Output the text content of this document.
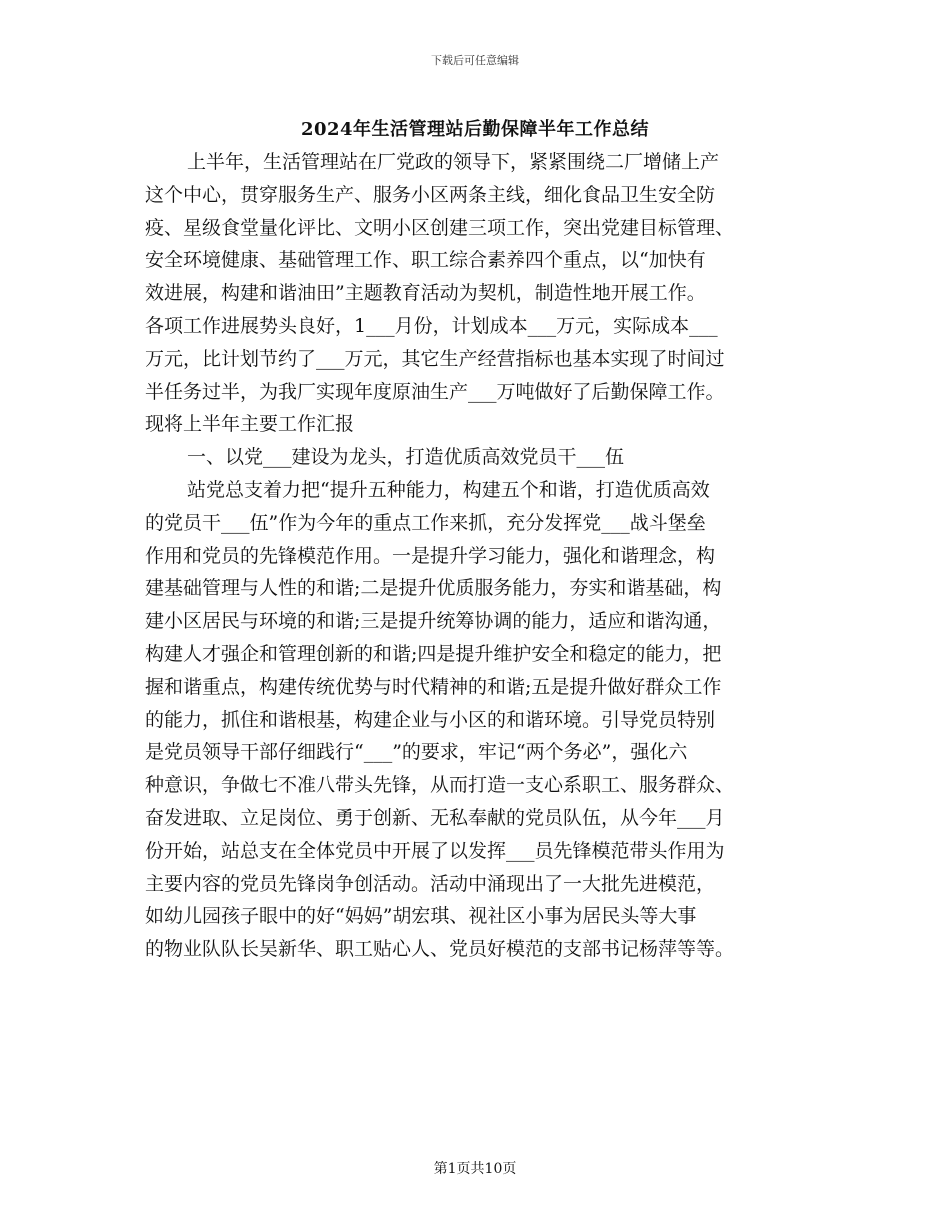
下载后可任意编辑
2024年生活管理站后勤保障半年工作总结
上半年，生活管理站在厂党政的领导下，紧紧围绕二厂增储上产
这个中心，贯穿服务生产、服务小区两条主线，细化食品卫生安全防
疫、星级食堂量化评比、文明小区创建三项工作，突出党建目标管理、
安全环境健康、基础管理工作、职工综合素养四个重点，以“加快有
效进展，构建和谐油田”主题教育活动为契机，制造性地开展工作。
各项工作进展势头良好，1___月份，计划成本___万元，实际成本___
万元，比计划节约了___万元，其它生产经营指标也基本实现了时间过
半任务过半，为我厂实现年度原油生产___万吨做好了后勤保障工作。
现将上半年主要工作汇报
一、以党___建设为龙头，打造优质高效党员干___伍
站党总支着力把“提升五种能力，构建五个和谐，打造优质高效
的党员干___伍”作为今年的重点工作来抓，充分发挥党___战斗堡垒
作用和党员的先锋模范作用。一是提升学习能力，强化和谐理念，构
建基础管理与人性的和谐;二是提升优质服务能力，夯实和谐基础，构
建小区居民与环境的和谐;三是提升统筹协调的能力，适应和谐沟通，
构建人才强企和管理创新的和谐;四是提升维护安全和稳定的能力，把
握和谐重点，构建传统优势与时代精神的和谐;五是提升做好群众工作
的能力，抓住和谐根基，构建企业与小区的和谐环境。引导党员特别
是党员领导干部仔细践行“___”的要求，牢记“两个务必”，强化六
种意识，争做七不准八带头先锋，从而打造一支心系职工、服务群众、
奋发进取、立足岗位、勇于创新、无私奉献的党员队伍，从今年___月
份开始，站总支在全体党员中开展了以发挥___员先锋模范带头作用为
主要内容的党员先锋岗争创活动。活动中涌现出了一大批先进模范，
如幼儿园孩子眼中的好“妈妈”胡宏琪、视社区小事为居民头等大事
的物业队队长吴新华、职工贴心人、党员好模范的支部书记杨萍等等。
第1页共10页
